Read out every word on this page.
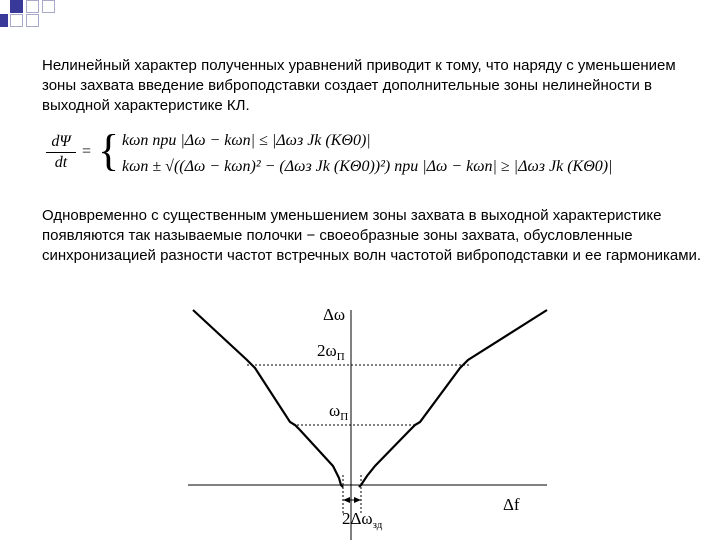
Нелинейный характер полученных уравнений приводит к тому, что наряду с уменьшением зоны захвата введение виброподставки создает дополнительные зоны нелинейности в выходной характеристике КЛ.

$\frac{d\Psi}{dt}$ = { kωп при |Δω − kωп| ≤ |Δωз Jk (KΘ0)|
kωп ± √((Δω − kωп)² − (Δωз Jk (KΘ0))²) при |Δω − kωп| ≥ |Δωз Jk (KΘ0)|

Одновременно с существенным уменьшением зоны захвата в выходной характеристике появляются так называемые полочки − своеобразные зоны захвата, обусловленные синхронизацией разности частот встречных волн частотой виброподставки и ее гармониками.

Δω
Δf
$2\omega_П$
$\omega_П$
$2\Delta\omega_{зд}$
